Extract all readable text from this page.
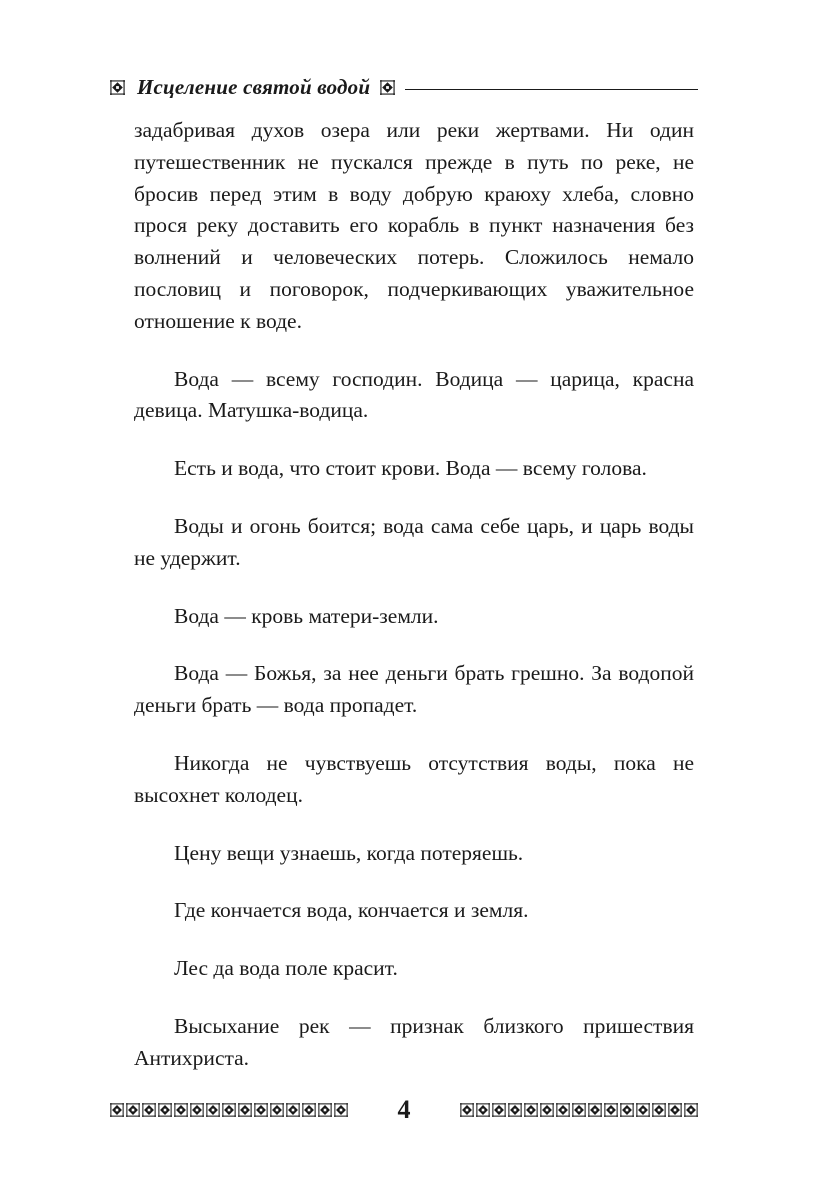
Исцеление святой водой

задабривая духов озера или реки жертвами. Ни один путешественник не пускался прежде в путь по реке, не бросив перед этим в воду добрую краюху хлеба, словно прося реку доставить его корабль в пункт назначения без волнений и человеческих потерь. Сложилось немало пословиц и поговорок, подчеркивающих уважительное отношение к воде.

Вода — всему господин. Водица — царица, красна девица. Матушка-водица.

Есть и вода, что стоит крови. Вода — всему голова.

Воды и огонь боится; вода сама себе царь, и царь воды не удержит.

Вода — кровь матери-земли.

Вода — Божья, за нее деньги брать грешно. За водопой деньги брать — вода пропадет.

Никогда не чувствуешь отсутствия воды, пока не высохнет колодец.

Цену вещи узнаешь, когда потеряешь.

Где кончается вода, кончается и земля.

Лес да вода поле красит.

Высыхание рек — признак близкого пришествия Антихриста.

4
